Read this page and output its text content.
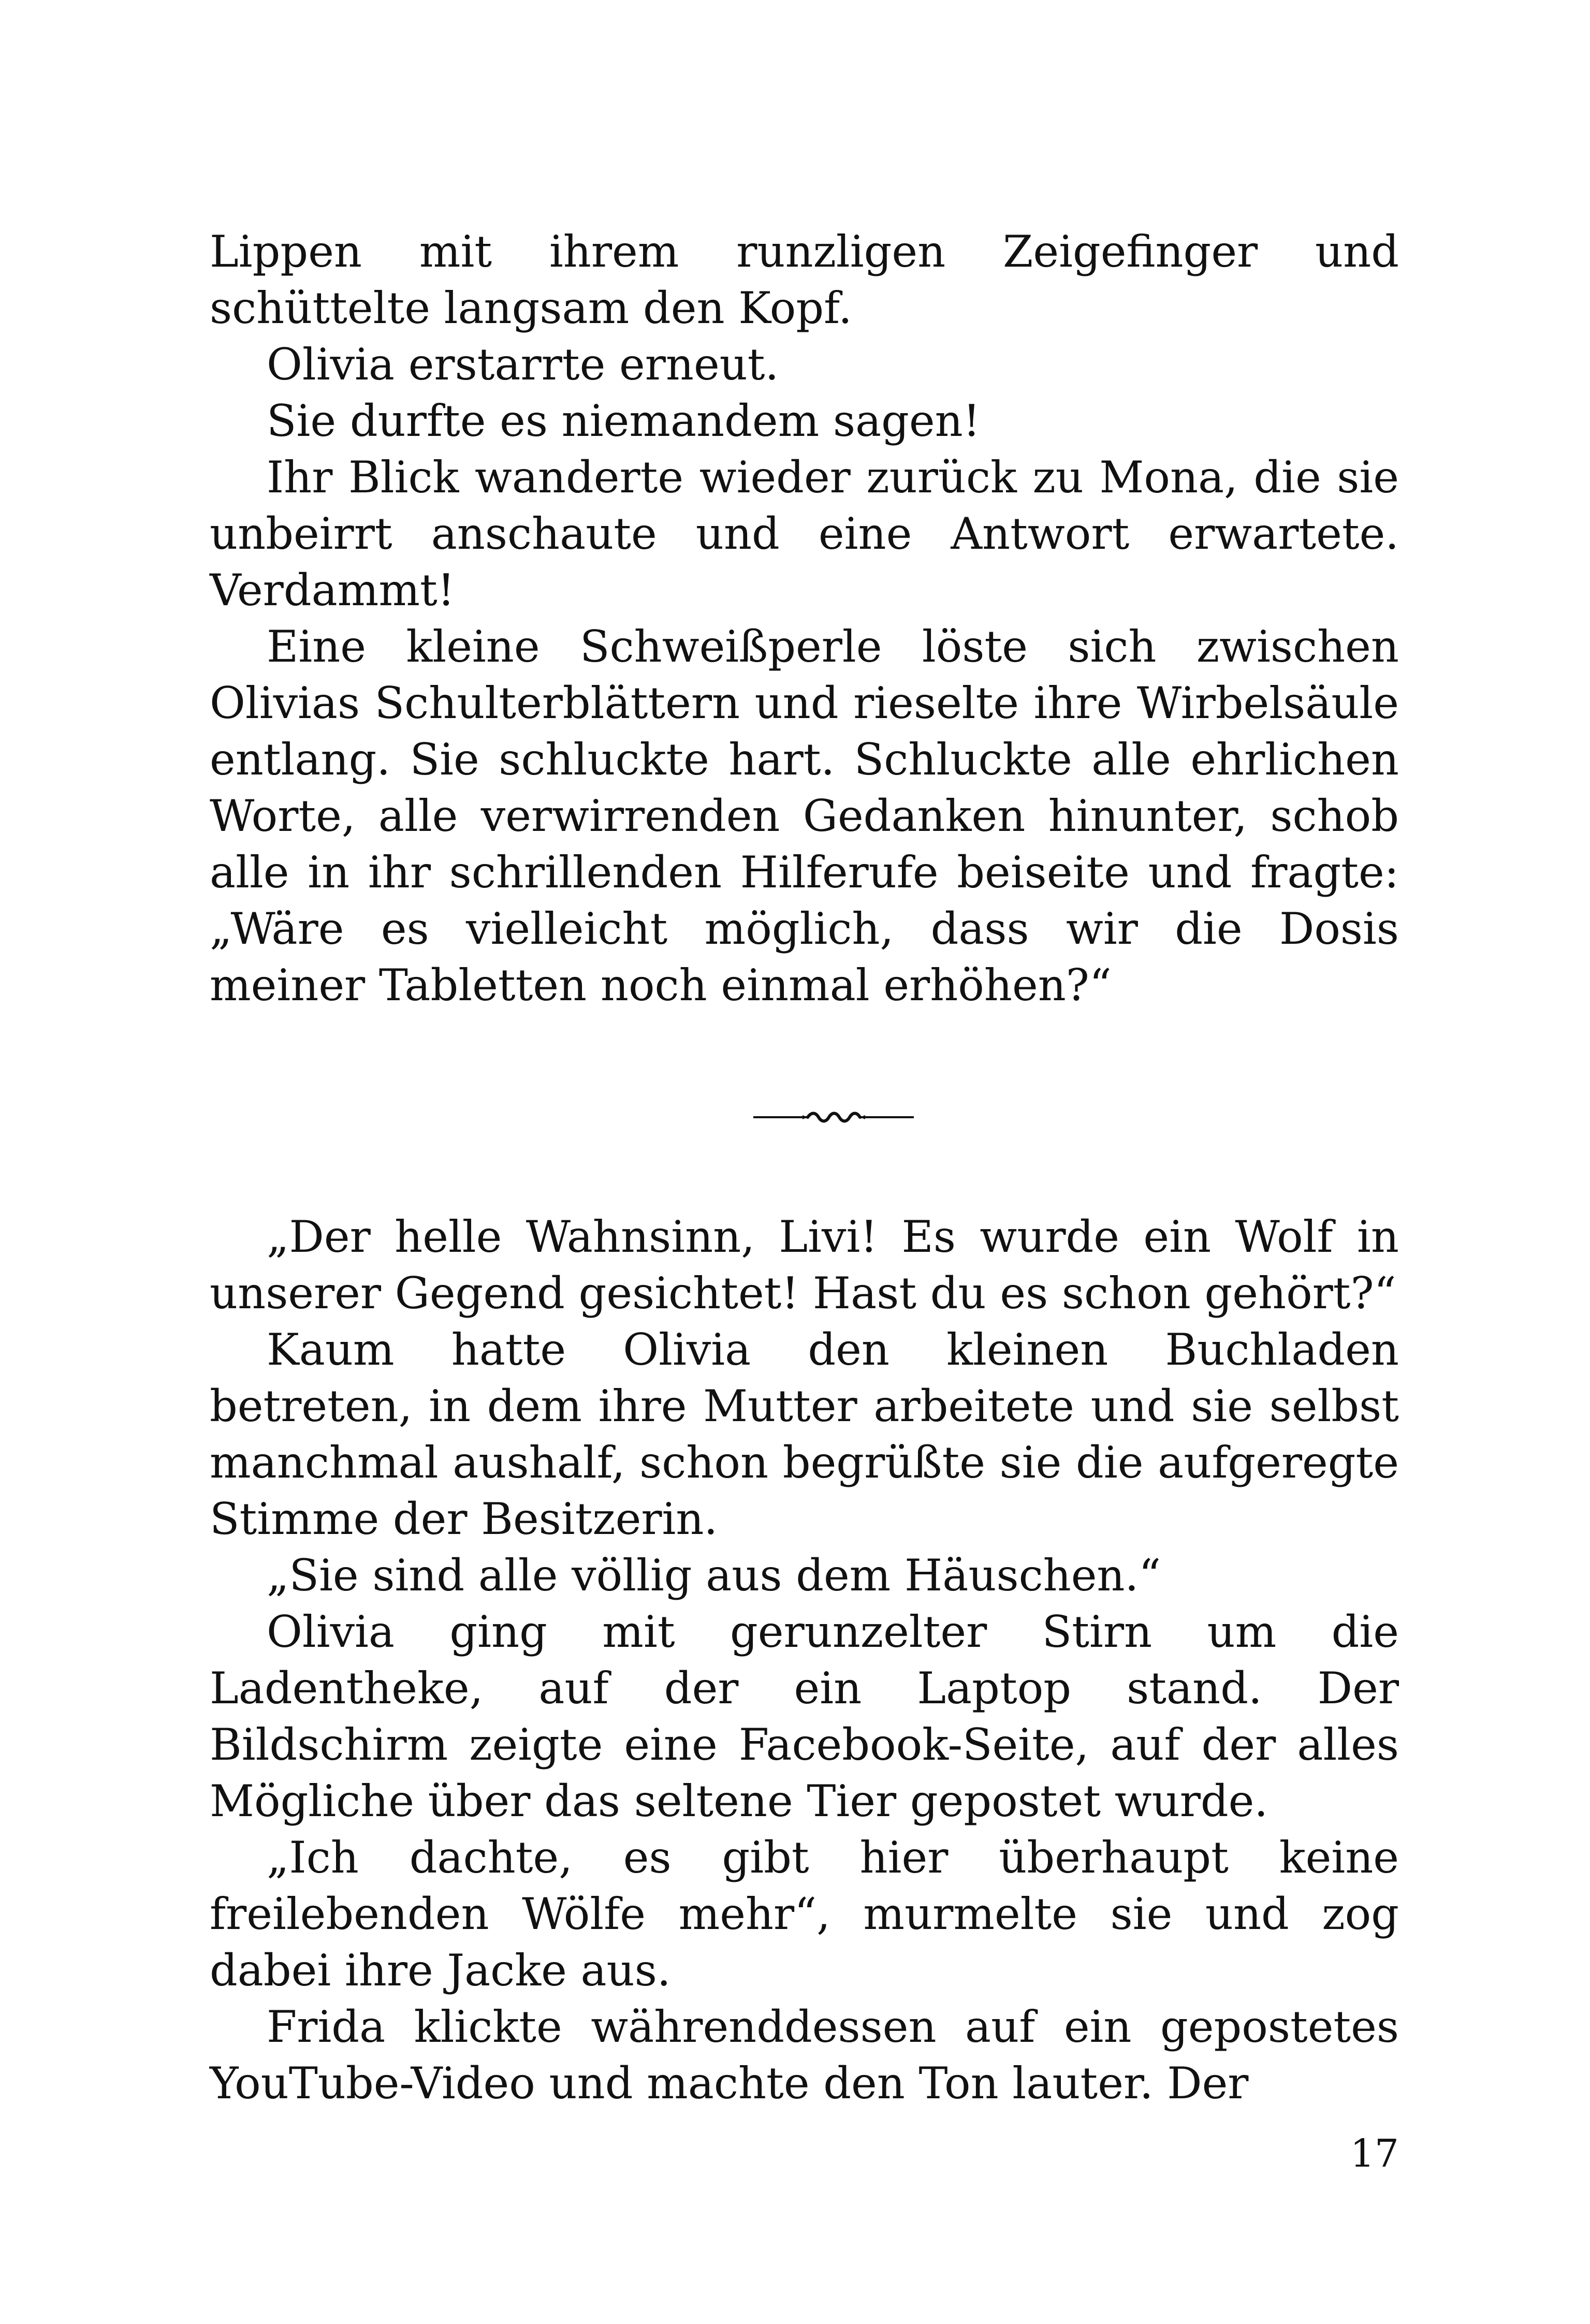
Lippen mit ihrem runzligen Zeigefinger und schüttelte langsam den Kopf.

Olivia erstarrte erneut.

Sie durfte es niemandem sagen!

Ihr Blick wanderte wieder zurück zu Mona, die sie unbeirrt anschaute und eine Antwort erwartete. Verdammt!

Eine kleine Schweißperle löste sich zwischen Olivias Schulterblättern und rieselte ihre Wirbelsäule entlang. Sie schluckte hart. Schluckte alle ehrlichen Worte, alle verwirrenden Gedanken hinunter, schob alle in ihr schrillenden Hilferufe beiseite und fragte: „Wäre es vielleicht möglich, dass wir die Dosis meiner Tabletten noch einmal erhöhen?“

„Der helle Wahnsinn, Livi! Es wurde ein Wolf in unserer Gegend gesichtet! Hast du es schon gehört?“

Kaum hatte Olivia den kleinen Buchladen betreten, in dem ihre Mutter arbeitete und sie selbst manchmal aushalf, schon begrüßte sie die aufgeregte Stimme der Besitzerin.

„Sie sind alle völlig aus dem Häuschen.“

Olivia ging mit gerunzelter Stirn um die Ladentheke, auf der ein Laptop stand. Der Bildschirm zeigte eine Facebook-Seite, auf der alles Mögliche über das seltene Tier gepostet wurde.

„Ich dachte, es gibt hier überhaupt keine freilebenden Wölfe mehr“, murmelte sie und zog dabei ihre Jacke aus.

Frida klickte währenddessen auf ein gepostetes YouTube-Video und machte den Ton lauter. Der

17
